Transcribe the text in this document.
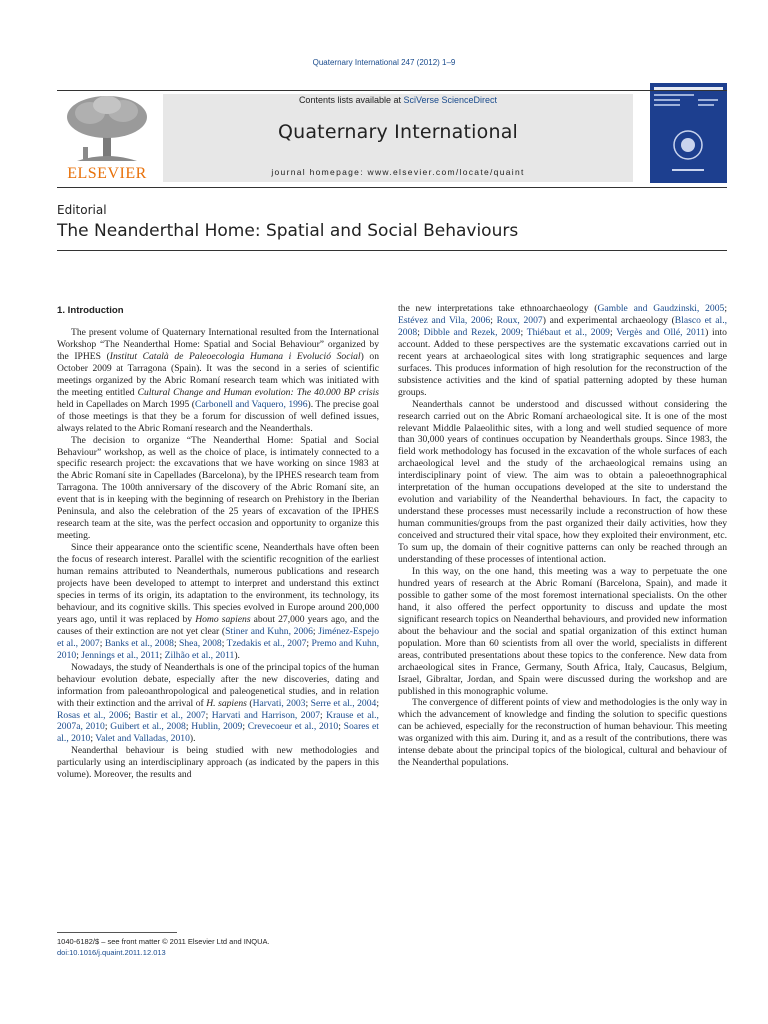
Quaternary International 247 (2012) 1–9
ELSEVIER
Contents lists available at SciVerse ScienceDirect
Quaternary International
journal homepage: www.elsevier.com/locate/quaint
Editorial
The Neanderthal Home: Spatial and Social Behaviours
1. Introduction

The present volume of Quaternary International resulted from the International Workshop “The Neanderthal Home: Spatial and Social Behaviour” organized by the IPHES (Institut Català de Paleoecologia Humana i Evolució Social) on October 2009 at Tarragona (Spain). It was the second in a series of scientific meetings organized by the Abric Romaní research team which was initiated with the meeting entitled Cultural Change and Human evolution: The 40.000 BP crisis held in Capellades on March 1995 (Carbonell and Vaquero, 1996). The precise goal of those meetings is that they be a forum for discussion of well defined issues, always related to the Abric Romaní research and the Neanderthals.

The decision to organize “The Neanderthal Home: Spatial and Social Behaviour” workshop, as well as the choice of place, is intimately connected to a specific research project: the excavations that we have working on since 1983 at the Abric Romaní site in Capellades (Barcelona), by the IPHES research team from Tarragona. The 100th anniversary of the discovery of the Abric Romaní site, an event that is in keeping with the beginning of research on Prehistory in the Iberian Peninsula, and also the celebration of the 25 years of excavation of the IPHES research team at the site, was the perfect occasion and opportunity to organize this meeting.

Since their appearance onto the scientific scene, Neanderthals have often been the focus of research interest. Parallel with the scientific recognition of the earliest human remains attributed to Neanderthals, numerous publications and research projects have been developed to attempt to interpret and understand this extinct species in terms of its origin, its adaptation to the environment, its technology, its behaviour, and its cognitive skills. This species evolved in Europe around 200,000 years ago, until it was replaced by Homo sapiens about 27,000 years ago, and the causes of their extinction are not yet clear (Stiner and Kuhn, 2006; Jiménez-Espejo et al., 2007; Banks et al., 2008; Shea, 2008; Tzedakis et al., 2007; Premo and Kuhn, 2010; Jennings et al., 2011; Zilhão et al., 2011).

Nowadays, the study of Neanderthals is one of the principal topics of the human behaviour evolution debate, especially after the new discoveries, dating and information from paleoanthropological and paleogenetical studies, and in relation with their extinction and the arrival of H. sapiens (Harvati, 2003; Serre et al., 2004; Rosas et al., 2006; Bastir et al., 2007; Harvati and Harrison, 2007; Krause et al., 2007a, 2010; Guibert et al., 2008; Hublin, 2009; Crevecoeur et al., 2010; Soares et al., 2010; Valet and Valladas, 2010).

Neanderthal behaviour is being studied with new methodologies and particularly using an interdisciplinary approach (as indicated by the papers in this volume). Moreover, the results and

the new interpretations take ethnoarchaeology (Gamble and Gaudzinski, 2005; Estévez and Vila, 2006; Roux, 2007) and experimental archaeology (Blasco et al., 2008; Dibble and Rezek, 2009; Thiébaut et al., 2009; Vergès and Ollé, 2011) into account. Added to these perspectives are the systematic excavations carried out in recent years at archaeological sites with long stratigraphic sequences and large surfaces. This produces information of high resolution for the reconstruction of the subsistence activities and the kind of spatial patterning adopted by these human groups.

Neanderthals cannot be understood and discussed without considering the research carried out on the Abric Romaní archaeological site. It is one of the most relevant Middle Palaeolithic sites, with a long and well studied sequence of more than 30,000 years of continues occupation by Neanderthals groups. Since 1983, the field work methodology has focused in the excavation of the whole surfaces of each archaeological level and the study of the archaeological remains using an interdisciplinary point of view. The aim was to obtain a paleoethnographical interpretation of the human occupations developed at the site to understand the evolution and variability of the Neanderthal behaviours. In fact, the capacity to understand these processes must necessarily include a reconstruction of how these human communities/groups from the past organized their daily activities, how they conceived and structured their vital space, how they exploited their environment, etc. To sum up, the domain of their cognitive patterns can only be reached through an understanding of these processes of intentional action.

In this way, on the one hand, this meeting was a way to perpetuate the one hundred years of research at the Abric Romaní (Barcelona, Spain), and made it possible to gather some of the most foremost international specialists. On the other hand, it also offered the perfect opportunity to discuss and update the most significant research topics on Neanderthal behaviours, and provided new information about the behaviour and the social and spatial organization of this extinct human population. More than 60 scientists from all over the world, specialists in different areas, contributed presentations about these topics to the conference. New data from archaeological sites in France, Germany, South Africa, Italy, Caucasus, Belgium, Israel, Gibraltar, Jordan, and Spain were discussed during the workshop and are published in this monographic volume.

The convergence of different points of view and methodologies is the only way in which the advancement of knowledge and finding the solution to specific questions can be achieved, especially for the reconstruction of human behaviour. This meeting was organized with this aim. During it, and as a result of the contributions, there was intense debate about the principal topics of the biological, cultural and behaviour of the Neanderthal populations.

1040-6182/$ – see front matter © 2011 Elsevier Ltd and INQUA.
doi:10.1016/j.quaint.2011.12.013
